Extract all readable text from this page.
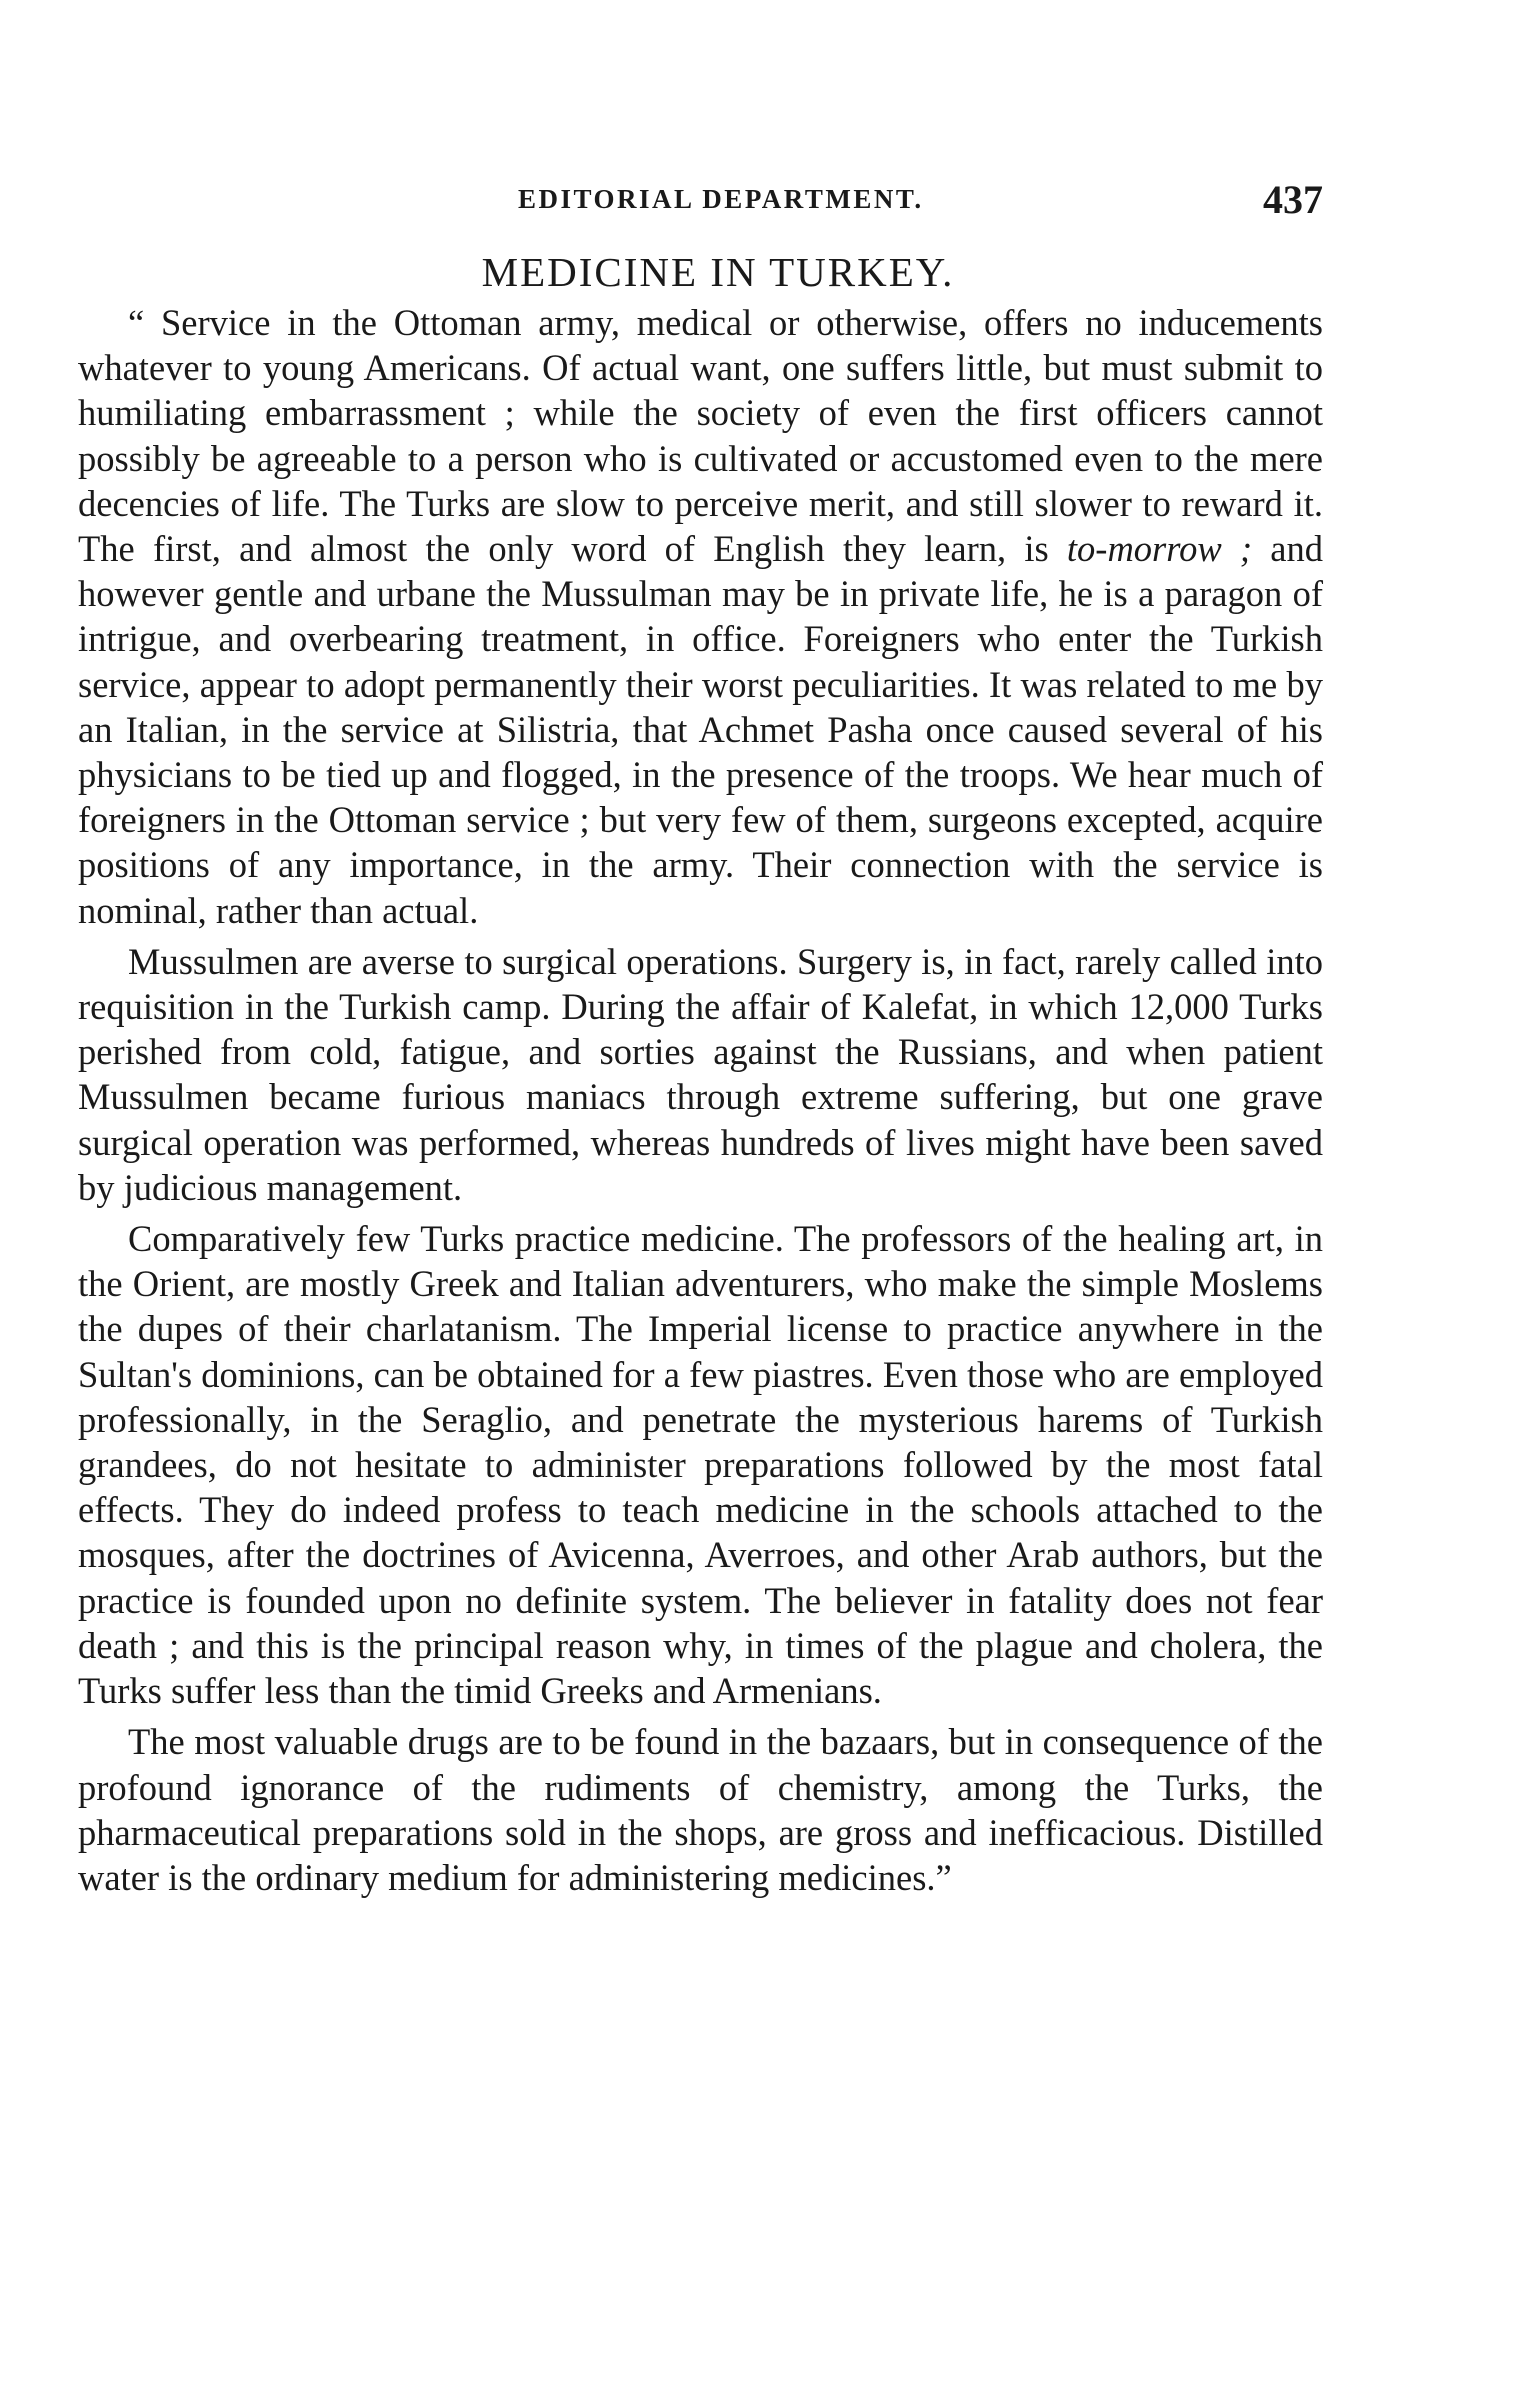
EDITORIAL DEPARTMENT.	437
MEDICINE IN TURKEY.

“ Service in the Ottoman army, medical or otherwise, offers no inducements whatever to young Americans. Of actual want, one suffers little, but must submit to humiliating embarrassment ; while the society of even the first officers cannot possibly be agreeable to a person who is cultivated or accustomed even to the mere decencies of life. The Turks are slow to perceive merit, and still slower to reward it. The first, and almost the only word of English they learn, is to-morrow ; and however gentle and urbane the Mussulman may be in private life, he is a paragon of intrigue, and overbearing treatment, in office. Foreigners who enter the Turkish service, appear to adopt permanently their worst peculiarities. It was related to me by an Italian, in the service at Silistria, that Achmet Pasha once caused several of his physicians to be tied up and flogged, in the presence of the troops. We hear much of foreigners in the Ottoman service ; but very few of them, surgeons excepted, acquire positions of any importance, in the army. Their connection with the service is nominal, rather than actual.

Mussulmen are averse to surgical operations. Surgery is, in fact, rarely called into requisition in the Turkish camp. During the affair of Kalefat, in which 12,000 Turks perished from cold, fatigue, and sorties against the Russians, and when patient Mussulmen became furious maniacs through extreme suffering, but one grave surgical operation was performed, whereas hundreds of lives might have been saved by judicious management.

Comparatively few Turks practice medicine. The professors of the healing art, in the Orient, are mostly Greek and Italian adventurers, who make the simple Moslems the dupes of their charlatanism. The Imperial license to practice anywhere in the Sultan's dominions, can be obtained for a few piastres. Even those who are employed professionally, in the Seraglio, and penetrate the mysterious harems of Turkish grandees, do not hesitate to administer preparations followed by the most fatal effects. They do indeed profess to teach medicine in the schools attached to the mosques, after the doctrines of Avicenna, Averroes, and other Arab authors, but the practice is founded upon no definite system. The believer in fatality does not fear death ; and this is the principal reason why, in times of the plague and cholera, the Turks suffer less than the timid Greeks and Armenians.

The most valuable drugs are to be found in the bazaars, but in consequence of the profound ignorance of the rudiments of chemistry, among the Turks, the pharmaceutical preparations sold in the shops, are gross and inefficacious. Distilled water is the ordinary medium for administering medicines.”
